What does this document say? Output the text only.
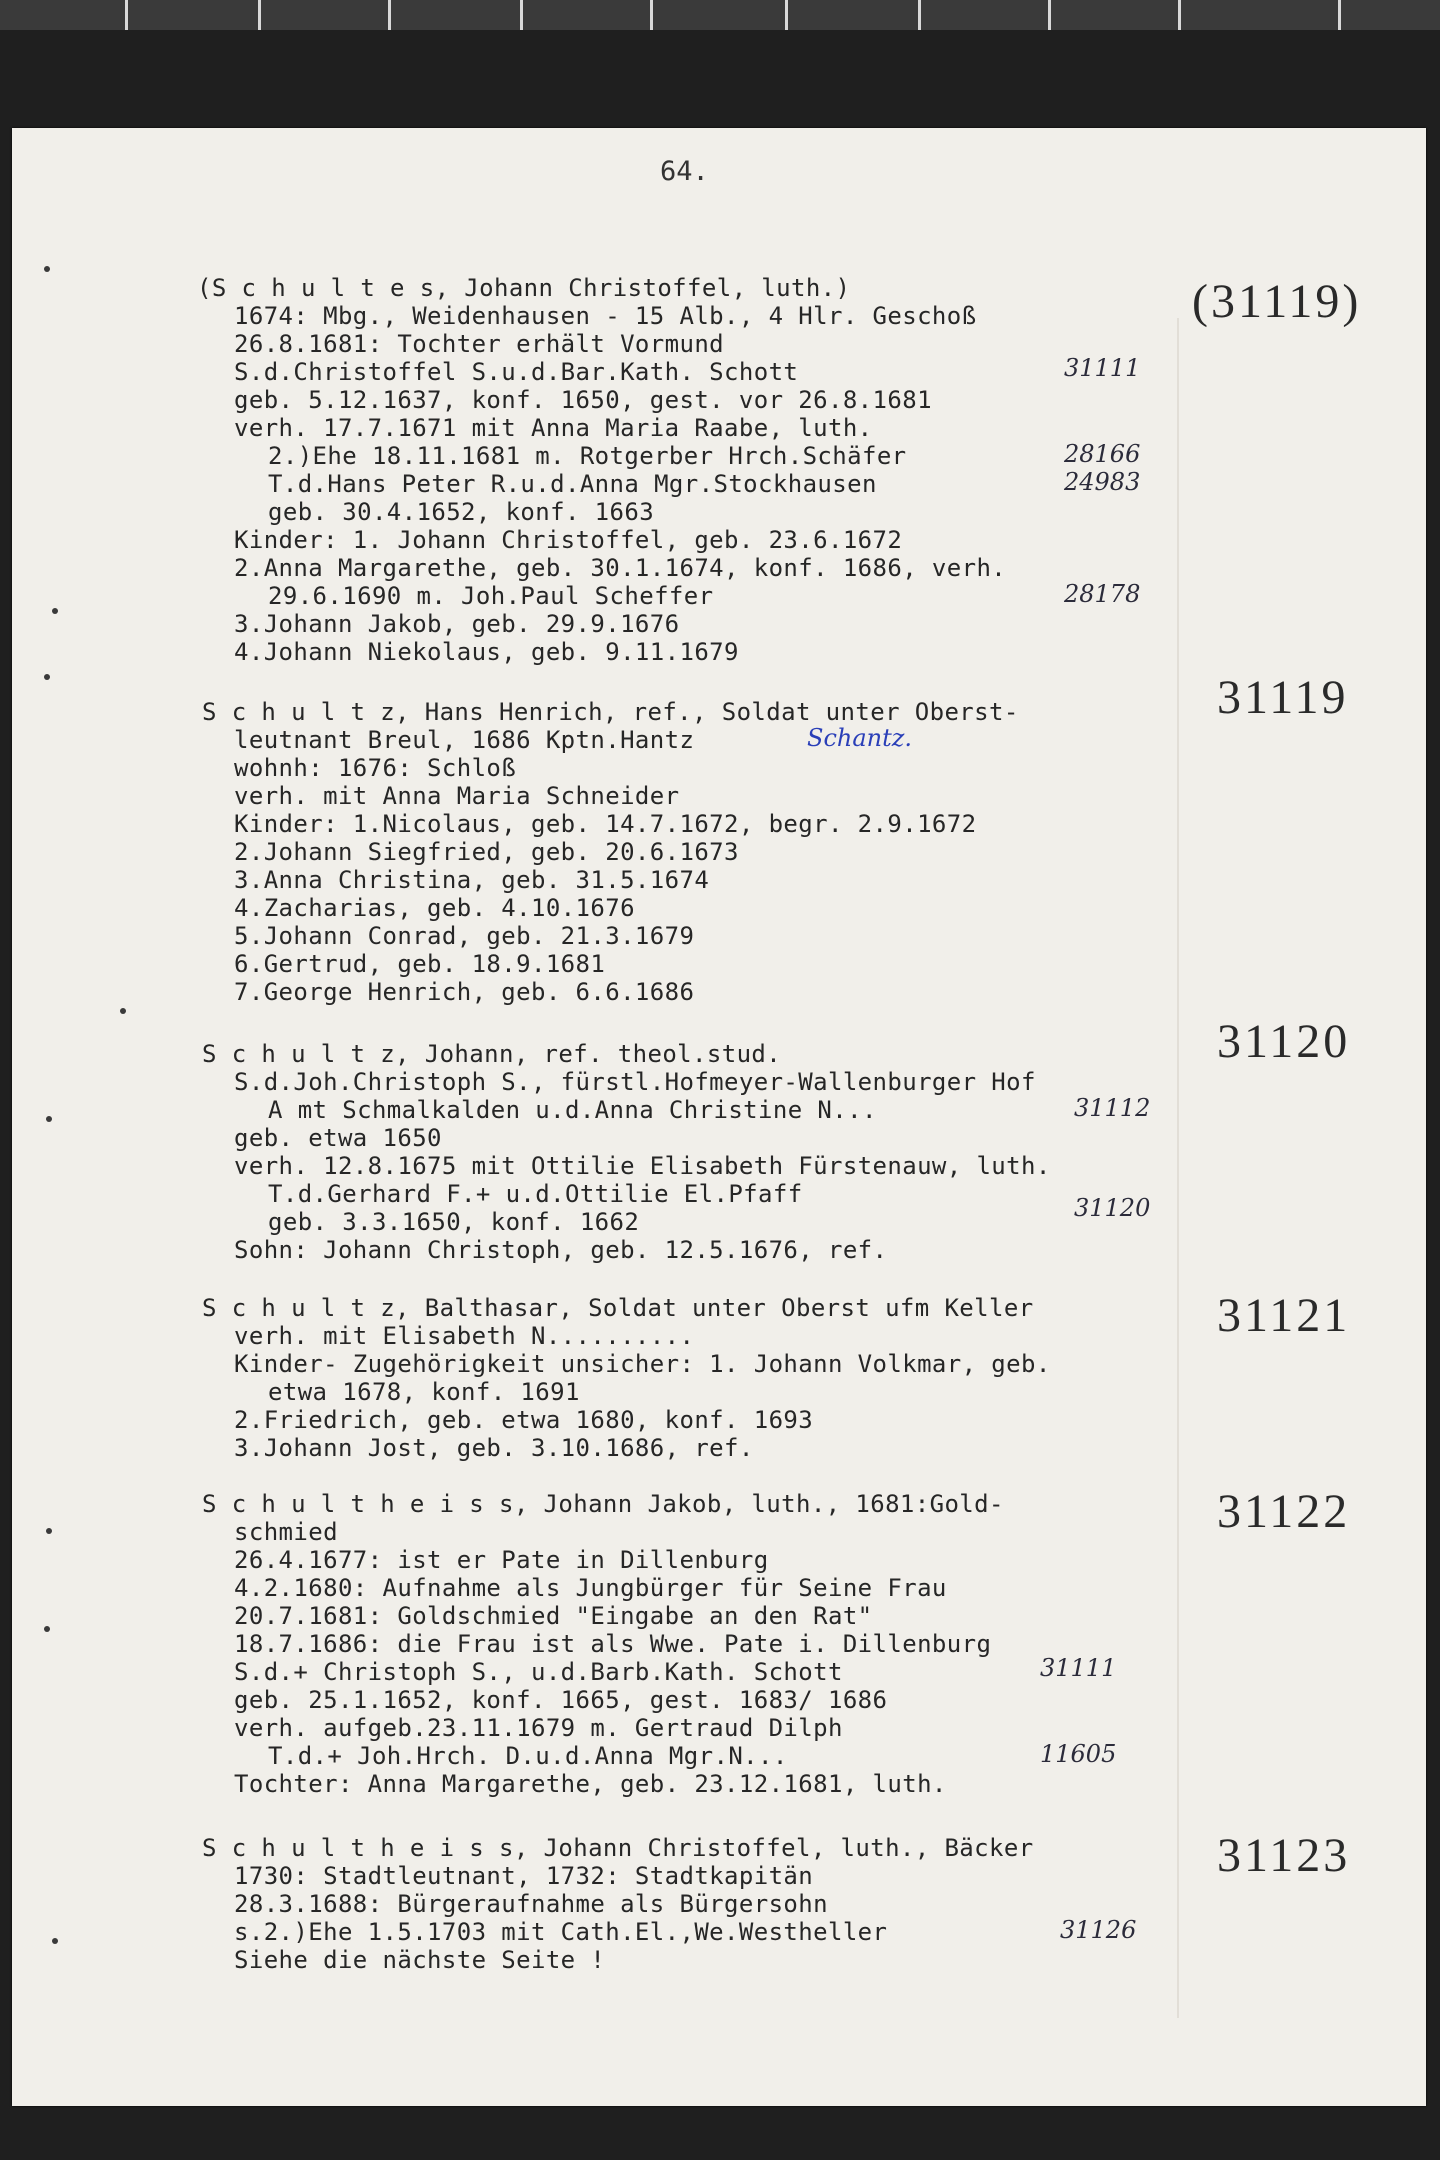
64.
(S c h u l t e s, Johann Christoffel, luth.)
1674: Mbg., Weidenhausen - 15 Alb., 4 Hlr. Geschoß
26.8.1681: Tochter erhält Vormund
S.d.Christoffel S.u.d.Bar.Kath. Schott
geb. 5.12.1637, konf. 1650, gest. vor 26.8.1681
verh. 17.7.1671 mit Anna Maria Raabe, luth.
2.)Ehe 18.11.1681 m. Rotgerber Hrch.Schäfer
T.d.Hans Peter R.u.d.Anna Mgr.Stockhausen
geb. 30.4.1652, konf. 1663
Kinder: 1. Johann Christoffel, geb. 23.6.1672
2.Anna Margarethe, geb. 30.1.1674, konf. 1686, verh.
29.6.1690 m. Joh.Paul Scheffer
3.Johann Jakob, geb. 29.9.1676
4.Johann Niekolaus, geb. 9.11.1679
31111
28166
24983
28178
(31119)
S c h u l t z, Hans Henrich, ref., Soldat unter Oberst-
leutnant Breul, 1686 Kptn.Hantz
wohnh: 1676: Schloß
verh. mit Anna Maria Schneider
Kinder: 1.Nicolaus, geb. 14.7.1672, begr. 2.9.1672
2.Johann Siegfried, geb. 20.6.1673
3.Anna Christina, geb. 31.5.1674
4.Zacharias, geb. 4.10.1676
5.Johann Conrad, geb. 21.3.1679
6.Gertrud, geb. 18.9.1681
7.George Henrich, geb. 6.6.1686
Schantz.
31119
S c h u l t z, Johann, ref. theol.stud.
S.d.Joh.Christoph S., fürstl.Hofmeyer-Wallenburger Hof
A mt Schmalkalden u.d.Anna Christine N...
geb. etwa 1650
verh. 12.8.1675 mit Ottilie Elisabeth Fürstenauw, luth.
T.d.Gerhard F.+ u.d.Ottilie El.Pfaff
geb. 3.3.1650, konf. 1662
Sohn: Johann Christoph, geb. 12.5.1676, ref.
31112
31120
31120
S c h u l t z, Balthasar, Soldat unter Oberst ufm Keller
verh. mit Elisabeth N..........
Kinder- Zugehörigkeit unsicher: 1. Johann Volkmar, geb.
etwa 1678, konf. 1691
2.Friedrich, geb. etwa 1680, konf. 1693
3.Johann Jost, geb. 3.10.1686, ref.
31121
S c h u l t h e i s s, Johann Jakob, luth., 1681:Gold-
schmied
26.4.1677: ist er Pate in Dillenburg
4.2.1680: Aufnahme als Jungbürger für Seine Frau
20.7.1681: Goldschmied "Eingabe an den Rat"
18.7.1686: die Frau ist als Wwe. Pate i. Dillenburg
S.d.+ Christoph S., u.d.Barb.Kath. Schott
geb. 25.1.1652, konf. 1665, gest. 1683/ 1686
verh. aufgeb.23.11.1679 m. Gertraud Dilph
T.d.+ Joh.Hrch. D.u.d.Anna Mgr.N...
Tochter: Anna Margarethe, geb. 23.12.1681, luth.
31111
11605
31122
S c h u l t h e i s s, Johann Christoffel, luth., Bäcker
1730: Stadtleutnant, 1732: Stadtkapitän
28.3.1688: Bürgeraufnahme als Bürgersohn
s.2.)Ehe 1.5.1703 mit Cath.El.,We.Westheller
Siehe die nächste Seite !
31126
31123
